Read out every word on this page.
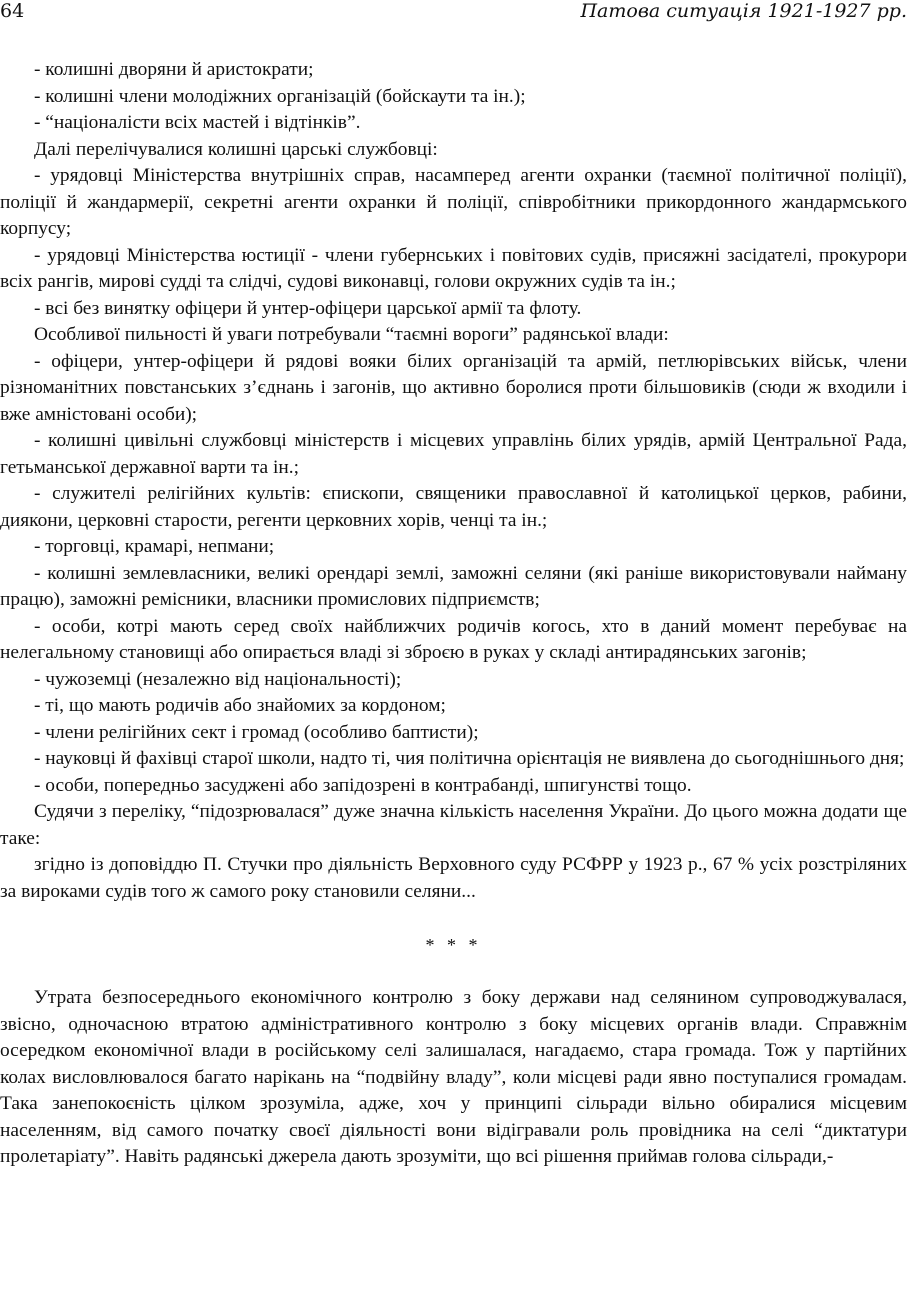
64	Патова ситуація 1921-1927 рр.

- колишні дворяни й аристократи;

- колишні члени молодіжних організацій (бойскаути та ін.);

- “націоналісти всіх мастей і відтінків”.

Далі перелічувалися колишні царські службовці:

- урядовці Міністерства внутрішніх справ, насамперед агенти охранки (таємної політичної поліції), поліції й жандармерії, секретні агенти охранки й поліції, співробітники прикордонного жандармського корпусу;

- урядовці Міністерства юстиції - члени губернських і повітових судів, присяжні засідателі, прокурори всіх рангів, мирові судді та слідчі, судові виконавці, голови окружних судів та ін.;

- всі без винятку офіцери й унтер-офіцери царської армії та флоту.

Особливої пильності й уваги потребували “таємні вороги” радянської влади:

- офіцери, унтер-офіцери й рядові вояки білих організацій та армій, петлюрівських військ, члени різноманітних повстанських з’єднань і загонів, що активно боролися проти більшовиків (сюди ж входили і вже амністовані особи);

- колишні цивільні службовці міністерств і місцевих управлінь білих урядів, армій Центральної Рада, гетьманської державної варти та ін.;

- служителі релігійних культів: єпископи, священики православної й католицької церков, рабини, диякони, церковні старости, регенти церковних хорів, ченці та ін.;

- торговці, крамарі, непмани;

- колишні землевласники, великі орендарі землі, заможні селяни (які раніше використовували найману працю), заможні ремісники, власники промислових підприємств;

- особи, котрі мають серед своїх найближчих родичів когось, хто в даний момент перебуває на нелегальному становищі або опирається владі зі зброєю в руках у складі антирадянських загонів;

- чужоземці (незалежно від національності);

- ті, що мають родичів або знайомих за кордоном;

- члени релігійних сект і громад (особливо баптисти);

- науковці й фахівці старої школи, надто ті, чия політична орієнтація не виявлена до сьогоднішнього дня;

- особи, попередньо засуджені або запідозрені в контрабанді, шпигунстві тощо.

Судячи з переліку, “підозрювалася” дуже значна кількість населення України. До цього можна додати ще таке:

згідно із доповіддю П. Стучки про діяльність Верховного суду РСФРР у 1923 р., 67 % усіх розстріляних за вироками судів того ж самого року становили селяни...

* * *

Утрата безпосереднього економічного контролю з боку держави над селянином супроводжувалася, звісно, одночасною втратою адміністративного контролю з боку місцевих органів влади. Справжнім осередком економічної влади в російському селі залишалася, нагадаємо, стара громада. Тож у партійних колах висловлювалося багато нарікань на “подвійну владу”, коли місцеві ради явно поступалися громадам. Така занепокоєність цілком зрозуміла, адже, хоч у принципі сільради вільно обиралися місцевим населенням, від самого початку своєї діяльності вони відігравали роль провідника на селі “диктатури пролетаріату”. Навіть радянські джерела дають зрозуміти, що всі рішення приймав голова сільради,-
